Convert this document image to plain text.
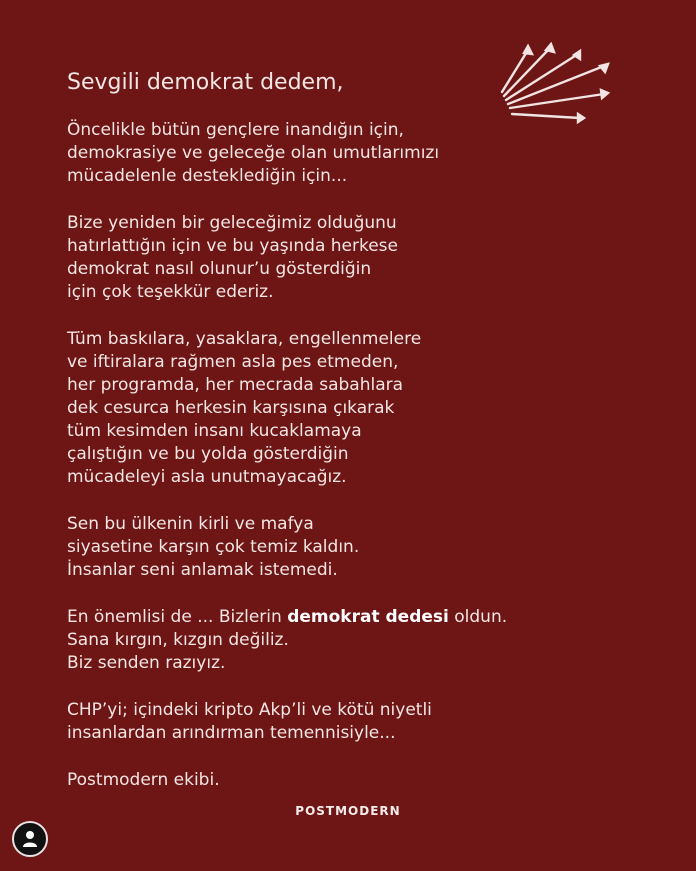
Sevgili demokrat dedem,
Öncelikle bütün gençlere inandığın için,
demokrasiye ve geleceğe olan umutlarımızı
mücadelenle desteklediğin için...
Bize yeniden bir geleceğimiz olduğunu
hatırlattığın için ve bu yaşında herkese
demokrat nasıl olunur’u gösterdiğin
için çok teşekkür ederiz.
Tüm baskılara, yasaklara, engellenmelere
ve iftiralara rağmen asla pes etmeden,
her programda, her mecrada sabahlara
dek cesurca herkesin karşısına çıkarak
tüm kesimden insanı kucaklamaya
çalıştığın ve bu yolda gösterdiğin
mücadeleyi asla unutmayacağız.
Sen bu ülkenin kirli ve mafya
siyasetine karşın çok temiz kaldın.
İnsanlar seni anlamak istemedi.
En önemlisi de ... Bizlerin demokrat dedesi oldun.
Sana kırgın, kızgın değiliz.
Biz senden razıyız.
CHP’yi; içindeki kripto Akp’li ve kötü niyetli
insanlardan arındırman temennisiyle...
Postmodern ekibi.
POSTMODERN
